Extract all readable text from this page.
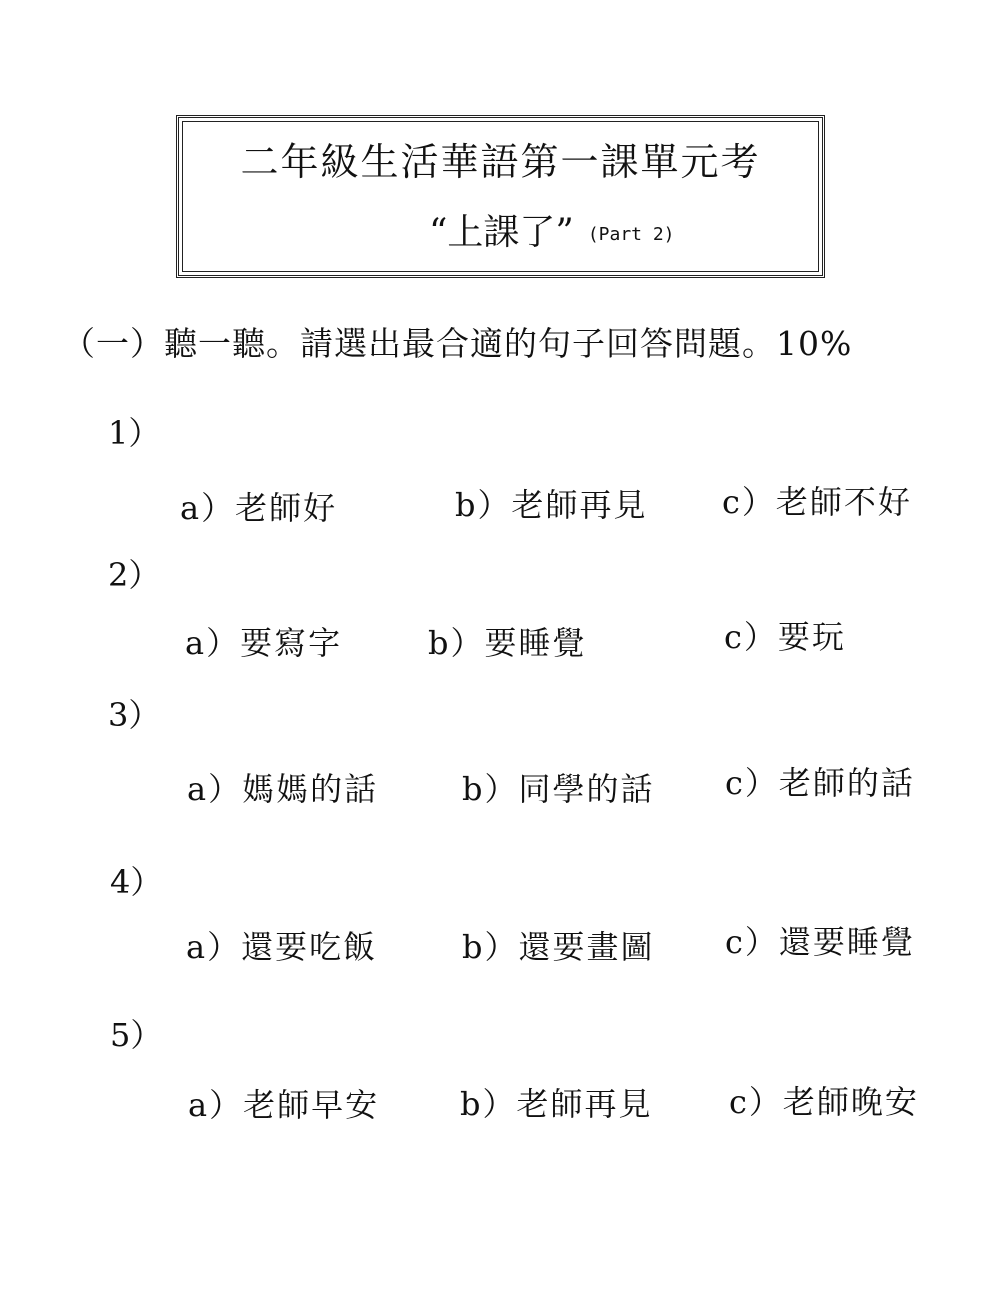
二年級生活華語第一課單元考
“上課了” (Part 2)
（一）聽一聽。請選出最合適的句子回答問題。10%
1）
a）老師好	b）老師再見 c）老師不好
2）
a）要寫字	b）要睡覺	c）要玩
3）
a）媽媽的話	b）同學的話 c）老師的話
4）
a）還要吃飯	b）還要畫圖 c）還要睡覺
5）
a）老師早安	b）老師再見 c）老師晚安
